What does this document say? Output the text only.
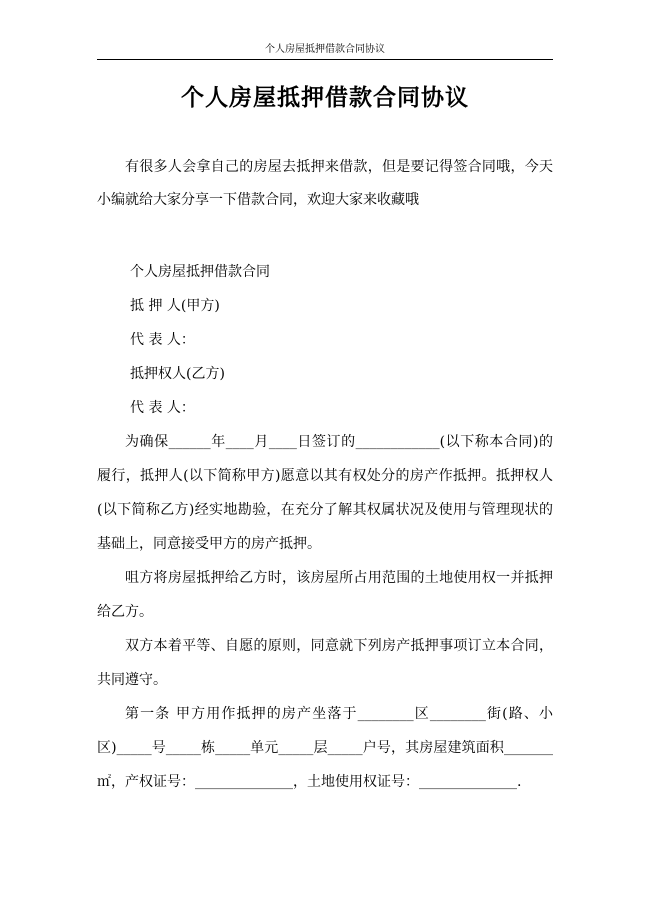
个人房屋抵押借款合同协议
个人房屋抵押借款合同协议
有很多人会拿自己的房屋去抵押来借款，但是要记得签合同哦，今天小编就给大家分享一下借款合同，欢迎大家来收藏哦
个人房屋抵押借款合同
抵 押 人(甲方)
代 表 人：
抵押权人(乙方)
代 表 人：
为确保______年____月____日签订的____________(以下称本合同)的履行，抵押人(以下简称甲方)愿意以其有权处分的房产作抵押。抵押权人(以下简称乙方)经实地勘验，在充分了解其权属状况及使用与管理现状的基础上，同意接受甲方的房产抵押。
咀方将房屋抵押给乙方时，该房屋所占用范围的土地使用权一并抵押给乙方。
双方本着平等、自愿的原则，同意就下列房产抵押事项订立本合同，共同遵守。
第一条 甲方用作抵押的房产坐落于________区________街(路、小区)_____号_____栋_____单元_____层_____户号，其房屋建筑面积_______ ㎡，产权证号：______________，土地使用权证号：______________.
